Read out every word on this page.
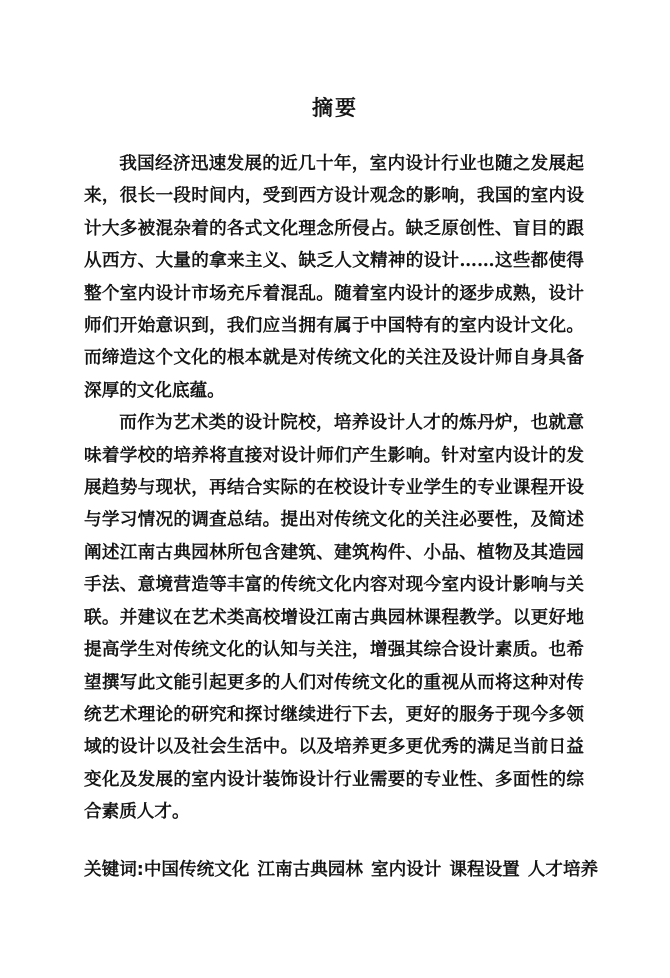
摘要

我国经济迅速发展的近几十年，室内设计行业也随之发展起来，很长一段时间内，受到西方设计观念的影响，我国的室内设计大多被混杂着的各式文化理念所侵占。缺乏原创性、盲目的跟从西方、大量的拿来主义、缺乏人文精神的设计……这些都使得整个室内设计市场充斥着混乱。随着室内设计的逐步成熟，设计师们开始意识到，我们应当拥有属于中国特有的室内设计文化。而缔造这个文化的根本就是对传统文化的关注及设计师自身具备深厚的文化底蕴。

而作为艺术类的设计院校，培养设计人才的炼丹炉，也就意味着学校的培养将直接对设计师们产生影响。针对室内设计的发展趋势与现状，再结合实际的在校设计专业学生的专业课程开设与学习情况的调查总结。提出对传统文化的关注必要性，及简述阐述江南古典园林所包含建筑、建筑构件、小品、植物及其造园手法、意境营造等丰富的传统文化内容对现今室内设计影响与关联。并建议在艺术类高校增设江南古典园林课程教学。以更好地提高学生对传统文化的认知与关注，增强其综合设计素质。也希望撰写此文能引起更多的人们对传统文化的重视从而将这种对传统艺术理论的研究和探讨继续进行下去，更好的服务于现今多领域的设计以及社会生活中。以及培养更多更优秀的满足当前日益变化及发展的室内设计装饰设计行业需要的专业性、多面性的综合素质人才。

关键词:中国传统文化 江南古典园林 室内设计 课程设置 人才培养
